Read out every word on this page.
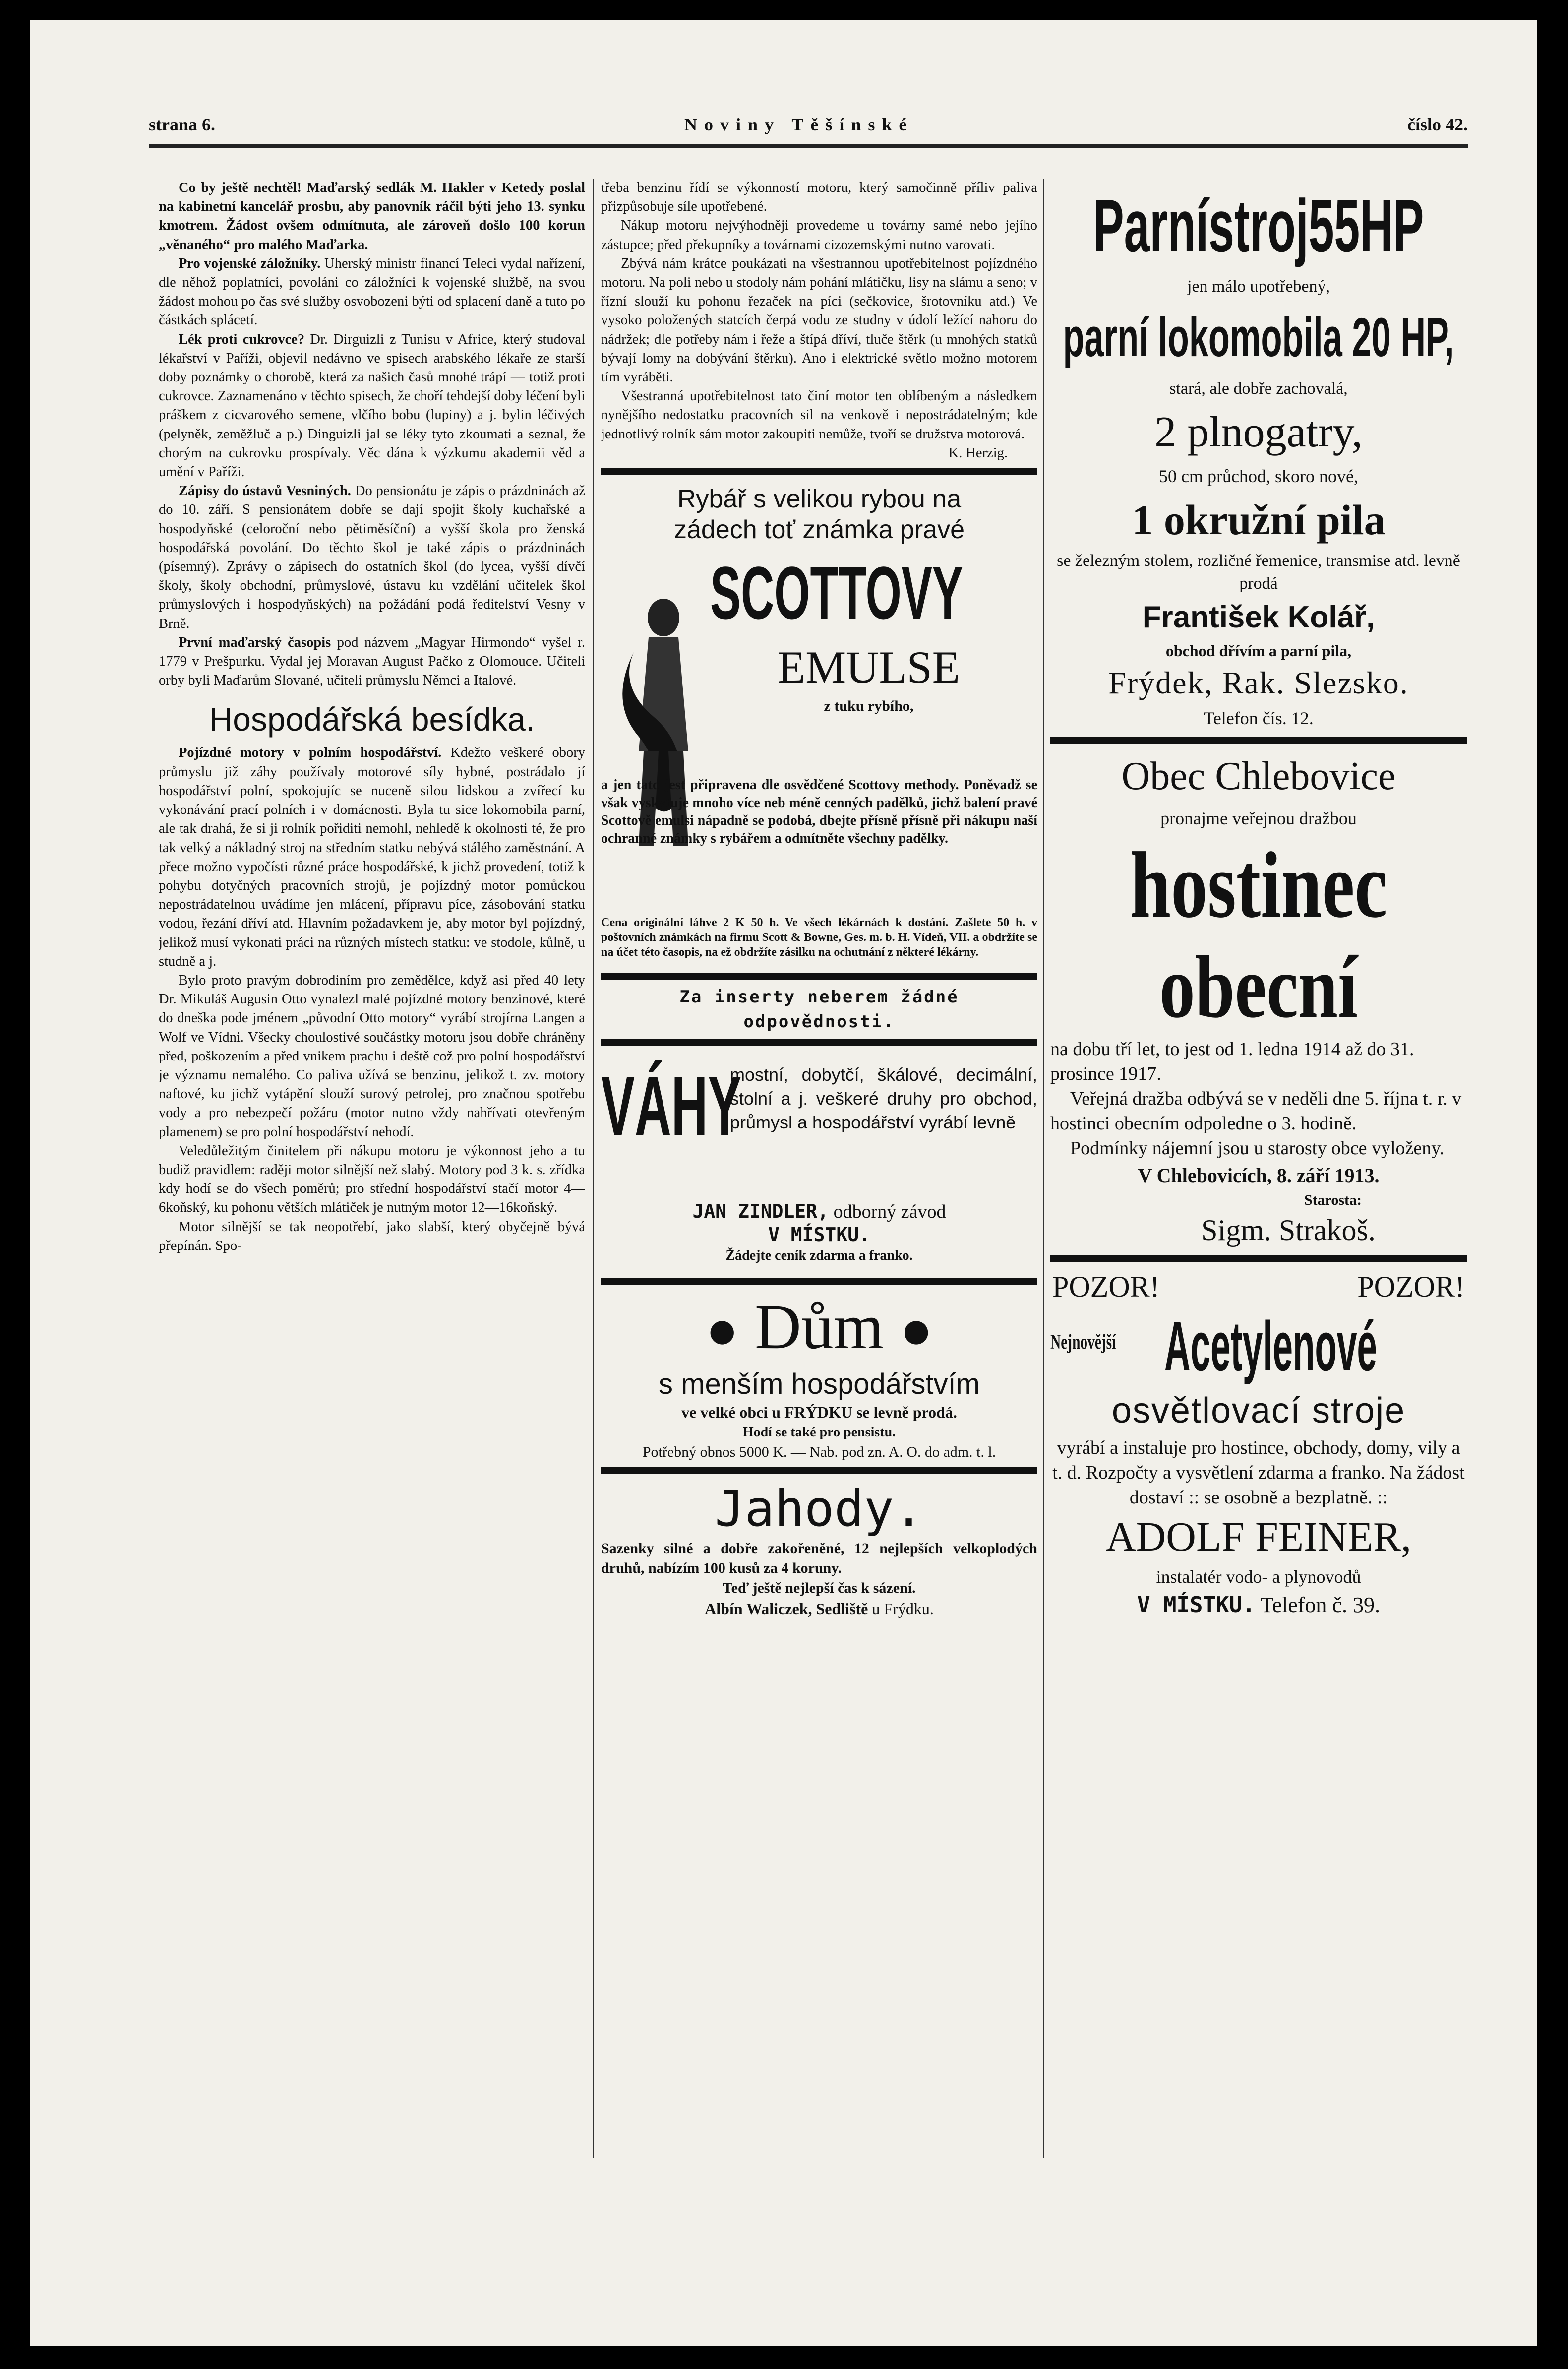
strana 6.	Noviny Těšínské	číslo 42.

Co by ještě nechtěl! Maďarský sedlák M. Hakler v Ketedy poslal na kabinetní kancelář prosbu, aby panovník ráčil býti jeho 13. synku kmotrem. Žádost ovšem odmítnuta, ale zároveň došlo 100 korun „věnaného“ pro malého Maďarka.

Pro vojenské záložníky. Uherský ministr financí Teleci vydal nařízení, dle něhož poplatníci, povoláni co záložníci k vojenské službě, na svou žádost mohou po čas své služby osvobozeni býti od splacení daně a tuto po částkách splácetí.

Lék proti cukrovce? Dr. Dirguizli z Tunisu v Africe, který studoval lékařství v Paříži, objevil nedávno ve spisech arabského lékaře ze starší doby poznámky o chorobě, která za našich časů mnohé trápí — totiž proti cukrovce. Zaznamenáno v těchto spisech, že choří tehdejší doby léčení byli práškem z cicvarového semene, vlčího bobu (lupiny) a j. bylin léčivých (pelyněk, zeměžluč a p.) Dinguizli jal se léky tyto zkoumati a seznal, že chorým na cukrovku prospívaly. Věc dána k výzkumu akademii věd a umění v Paříži.

Zápisy do ústavů Vesniných. Do pensionátu je zápis o prázdninách až do 10. září. S pensionátem dobře se dají spojit školy kuchařské a hospodyňské (celoroční nebo pětiměsíční) a vyšší škola pro ženská hospodářská povolání. Do těchto škol je také zápis o prázdninách (písemný). Zprávy o zápisech do ostatních škol (do lycea, vyšší dívčí školy, školy obchodní, průmyslové, ústavu ku vzdělání učitelek škol průmyslových i hospodyňských) na požádání podá ředitelství Vesny v Brně.

První maďarský časopis pod názvem „Magyar Hirmondo“ vyšel r. 1779 v Prešpurku. Vydal jej Moravan August Pačko z Olomouce. Učiteli orby byli Maďarům Slované, učiteli průmyslu Němci a Italové.

Hospodářská besídka.

Pojízdné motory v polním hospodářství. Kdežto veškeré obory průmyslu již záhy používaly motorové síly hybné, postrádalo jí hospodářství polní, spokojujíc se nuceně silou lidskou a zvířecí ku vykonávání prací polních i v domácnosti. Byla tu sice lokomobila parní, ale tak drahá, že si ji rolník pořiditi nemohl, nehledě k okolnosti té, že pro tak velký a nákladný stroj na středním statku nebývá stálého zaměstnání. A přece možno vypočísti různé práce hospodářské, k jichž provedení, totiž k pohybu dotyčných pracovních strojů, je pojízdný motor pomůckou nepostrádatelnou uvádíme jen mlácení, přípravu píce, zásobování statku vodou, řezání dříví atd. Hlavním požadavkem je, aby motor byl pojízdný, jelikož musí vykonati práci na různých místech statku: ve stodole, kůlně, u studně a j.

Bylo proto pravým dobrodiním pro zemědělce, když asi před 40 lety Dr. Mikuláš Augusin Otto vynalezl malé pojízdné motory benzinové, které do dneška pode jménem „původní Otto motory“ vyrábí strojírna Langen a Wolf ve Vídni. Všecky choulostivé součástky motoru jsou dobře chráněny před, poškozením a před vnikem prachu i deště což pro polní hospodářství je významu nemalého. Co paliva užívá se benzinu, jelikož t. zv. motory naftové, ku jichž vytápění slouží surový petrolej, pro značnou spotřebu vody a pro nebezpečí požáru (motor nutno vždy nahřívati otevřeným plamenem) se pro polní hospodářství nehodí.

Veledůležitým činitelem při nákupu motoru je výkonnost jeho a tu budiž pravidlem: raději motor silnější než slabý. Motory pod 3 k. s. zřídka kdy hodí se do všech poměrů; pro střední hospodářství stačí motor 4—6koňský, ku pohonu větších mlátiček je nutným motor 12—16koňský.

Motor silnější se tak neopotřebí, jako slabší, který obyčejně bývá přepínán. Spo-

třeba benzinu řídí se výkonností motoru, který samočinně příliv paliva přizpůsobuje síle upotřebené.

Nákup motoru nejvýhodněji provedeme u továrny samé nebo jejího zástupce; před překupníky a továrnami cizozemskými nutno varovati.

Zbývá nám krátce poukázati na všestrannou upotřebitelnost pojízdného motoru. Na poli nebo u stodoly nám pohání mlátičku, lisy na slámu a seno; v řízní slouží ku pohonu řezaček na píci (sečkovice, šrotovníku atd.) Ve vysoko položených statcích čerpá vodu ze studny v údolí ležící nahoru do nádržek; dle potřeby nám i řeže a štípá dříví, tluče štěrk (u mnohých statků bývají lomy na dobývání štěrku). Ano i elektrické světlo možno motorem tím vyráběti.

Všestranná upotřebitelnost tato činí motor ten oblíbeným a následkem nynějšího nedostatku pracovních sil na venkově i nepostrádatelným; kde jednotlivý rolník sám motor zakoupiti nemůže, tvoří se družstva motorová.

K. Herzig.
Rybář s velikou rybou na
zádech toť známka pravé
SCOTTOVY
EMULSE
z tuku rybího,
a jen tato jest připravena dle osvědčené Scottovy methody. Poněvadž se však vyskytuje mnoho více neb méně cenných padělků, jichž balení pravé Scottově emulsi nápadně se podobá, dbejte přísně přísně při nákupu naší ochranné známky s rybářem a odmítněte všechny padělky.
Cena originální láhve 2 K 50 h. Ve všech lékárnách k dostání. Zašlete 50 h. v poštovních známkách na firmu Scott & Bowne, Ges. m. b. H. Vídeň, VII. a obdržíte se na účet této časopis, na ež obdržíte zásilku na ochutnání z některé lékárny.
Za inserty neberem žádné odpovědnosti.
VÁHY
mostní, dobytčí, škálové, decimální, stolní a j. veškeré druhy pro obchod, průmysl a hospodářství vyrábí levně
JAN ZINDLER, odborný závod
V MÍSTKU.
Žádejte ceník zdarma a franko.
● Dům ●
s menším hospodářstvím
ve velké obci u FRÝDKU se levně prodá.
Hodí se také pro pensistu.
Potřebný obnos 5000 K. — Nab. pod zn. A. O. do adm. t. l.
Jahody.
Sazenky silné a dobře zakořeněné, 12 nejlepších velkoplodých druhů, nabízím 100 kusů za 4 koruny.
Teď ještě nejlepší čas k sázení.
Albín Waliczek, Sedliště u Frýdku.
Parnístroj55HP
jen málo upotřebený,
parní lokomobila 20 HP,
stará, ale dobře zachovalá,
2 plnogatry,
50 cm průchod, skoro nové,
1 okružní pila
se železným stolem, rozličné řemenice, transmise atd. levně prodá
František Kolář,
obchod dřívím a parní pila,
Frýdek, Rak. Slezsko.
Telefon čís. 12.
Obec Chlebovice
pronajme veřejnou dražbou
hostinec
obecní
na dobu tří let, to jest od 1. ledna 1914 až do 31. prosince 1917.
Veřejná dražba odbývá se v neděli dne 5. října t. r. v hostinci obecním odpoledne o 3. hodině.
Podmínky nájemní jsou u starosty obce vyloženy.
V Chlebovicích, 8. září 1913.
Starosta:
Sigm. Strakoš.
POZOR!	POZOR!
Nejnovější Acetylenové
osvětlovací stroje
vyrábí a instaluje pro hostince, obchody, domy, vily a t. d. Rozpočty a vysvětlení zdarma a franko. Na žádost dostaví :: se osobně a bezplatně. ::
ADOLF FEINER,
instalatér vodo- a plynovodů
V MÍSTKU. Telefon č. 39.
